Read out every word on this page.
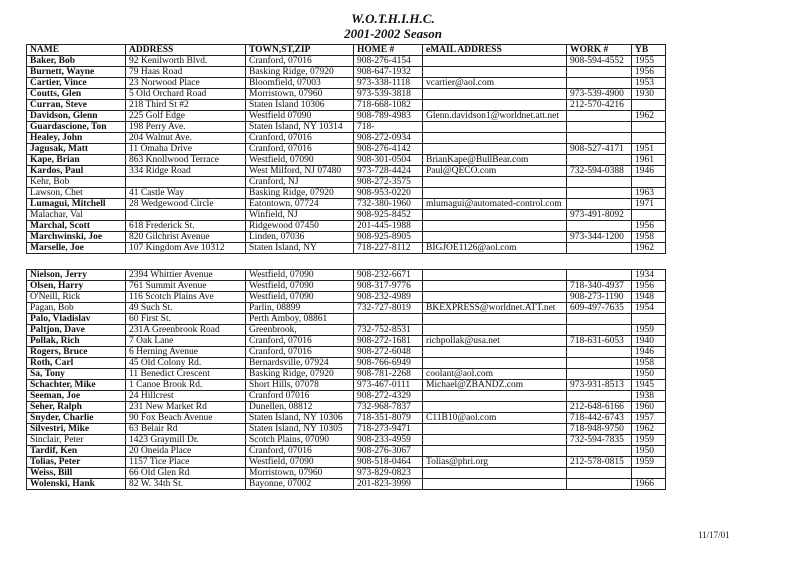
W.O.T.H.I.H.C.
2001-2002 Season
NAME	ADDRESS	TOWN,ST,ZIP	HOME #	eMAIL ADDRESS	WORK #	YB
Baker, Bob	92 Kenilworth Blvd.	Cranford, 07016	908-276-4154		908-594-4552	1955
Burnett, Wayne	79 Haas Road	Basking Ridge, 07920	908-647-1932			1956
Cartier, Vince	23 Norwood Place	Bloomfield, 07003	973-338-1118	vcartier@aol.com		1953
Coutts, Glen	5 Old Orchard Road	Morristown, 07960	973-539-3818		973-539-4900	1930
Curran, Steve	218 Third St #2	Staten Island 10306	718-668-1082		212-570-4216	
Davidson, Glenn	225 Golf Edge	Westfield 07090	908-789-4983	Glenn.davidson1@worldnet.att.net		1962
Guardascione, Ton	198 Perry Ave.	Staten Island, NY 10314	718-			
Healey, John	204 Walnut Ave.	Cranford, 07016	908-272-0934			
Jagusak, Matt	11 Omaha Drive	Cranford, 07016	908-276-4142		908-527-4171	1951
Kape, Brian	863 Knollwood Terrace	Westfield, 07090	908-301-0504	BrianKape@BullBear.com		1961
Kardos, Paul	334 Ridge Road	West Milford, NJ 07480	973-728-4424	Paul@QECO.com	732-594-0388	1946
Kehr, Bob		Cranford, NJ	908-272-3575			
Lawson, Chet	41 Castle Way	Basking Ridge, 07920	908-953-0220			1963
Lumagui, Mitchell	28 Wedgewood Circle	Eatontown, 07724	732-380-1960	mlumagui@automated-control.com		1971
Malachar, Val		Winfield, NJ	908-925-8452		973-491-8092	
Marchal, Scott	618 Frederick St.	Ridgewood 07450	201-445-1988			1956
Marchwinski, Joe	820 Gilchrist Avenue	Linden, 07036	908-925-8905		973-344-1200	1958
Marselle, Joe	107 Kingdom Ave 10312	Staten Island, NY	718-227-8112	BIGJOE1126@aol.com		1962
Nielson, Jerry	2394 Whittier Avenue	Westfield, 07090	908-232-6671			1934
Olsen, Harry	761 Summit Avenue	Westfield, 07090	908-317-9776		718-340-4937	1956
O'Neill, Rick	116 Scotch Plains Ave	Westfield, 07090	908-232-4989		908-273-1190	1948
Pagan, Bob	49 Such St.	Parlin, 08899	732-727-8019	BKEXPRESS@worldnet.ATT.net	609-497-7635	1954
Palo, Vladislav	60 First St.	Perth Amboy, 08861				
Paltjon, Dave	231A Greenbrook Road	Greenbrook,	732-752-8531			1959
Pollak, Rich	7 Oak Lane	Cranford, 07016	908-272-1681	richpollak@usa.net	718-631-6053	1940
Rogers, Bruce	6 Herning Avenue	Cranford, 07016	908-272-6048			1946
Roth, Carl	45 Old Colony Rd.	Bernardsville, 07924	908-766-6949			1958
Sa, Tony	11 Benedict Crescent	Basking Ridge, 07920	908-781-2268	coolant@aol.com		1950
Schachter, Mike	1 Canoe Brook Rd.	Short Hills, 07078	973-467-0111	Michael@ZBANDZ.com	973-931-8513	1945
Seeman, Joe	24 Hillcrest	Cranford 07016	908-272-4329			1938
Seher, Ralph	231 New Market Rd	Dunellen, 08812	732-968-7837		212-648-6166	1960
Snyder, Charlie	90 Fox Beach Avenue	Staten Island, NY 10306	718-351-8079	C11B10@aol.com	718-442-6743	1957
Silvestri, Mike	63 Belair Rd	Staten Island, NY 10305	718-273-9471		718-948-9750	1962
Sinclair, Peter	1423 Graymill Dr.	Scotch Plains, 07090	908-233-4959		732-594-7835	1959
Tardif, Ken	20 Oneida Place	Cranford, 07016	908-276-3067			1950
Tolias, Peter	1157 Tice Place	Westfield, 07090	908-518-0464	Tolias@phri.org	212-578-0815	1959
Weiss, Bill	66 Old Glen Rd	Morristown, 07960	973-829-0823			
Wolenski, Hank	82 W. 34th St.	Bayonne, 07002	201-823-3999			1966
11/17/01
